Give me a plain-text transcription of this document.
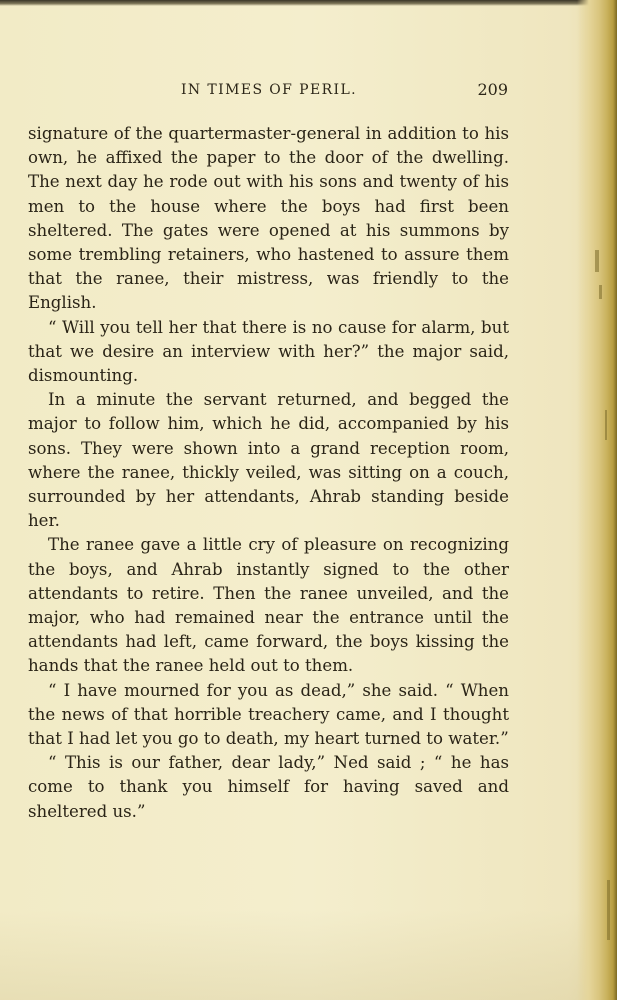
IN TIMES OF PERIL.	209

signature of the quartermaster-general in addition to his own, he affixed the paper to the door of the dwelling. The next day he rode out with his sons and twenty of his men to the house where the boys had first been sheltered. The gates were opened at his summons by some trembling retainers, who hastened to assure them that the ranee, their mistress, was friendly to the English.

“ Will you tell her that there is no cause for alarm, but that we desire an interview with her?” the major said, dismounting.

In a minute the servant returned, and begged the major to follow him, which he did, accompanied by his sons. They were shown into a grand reception room, where the ranee, thickly veiled, was sitting on a couch, surrounded by her attendants, Ahrab standing beside her.

The ranee gave a little cry of pleasure on recognizing the boys, and Ahrab instantly signed to the other attendants to retire. Then the ranee unveiled, and the major, who had remained near the entrance until the attendants had left, came forward, the boys kissing the hands that the ranee held out to them.

“ I have mourned for you as dead,” she said. “ When the news of that horrible treachery came, and I thought that I had let you go to death, my heart turned to water.”

“ This is our father, dear lady,” Ned said ; “ he has come to thank you himself for having saved and sheltered us.”
